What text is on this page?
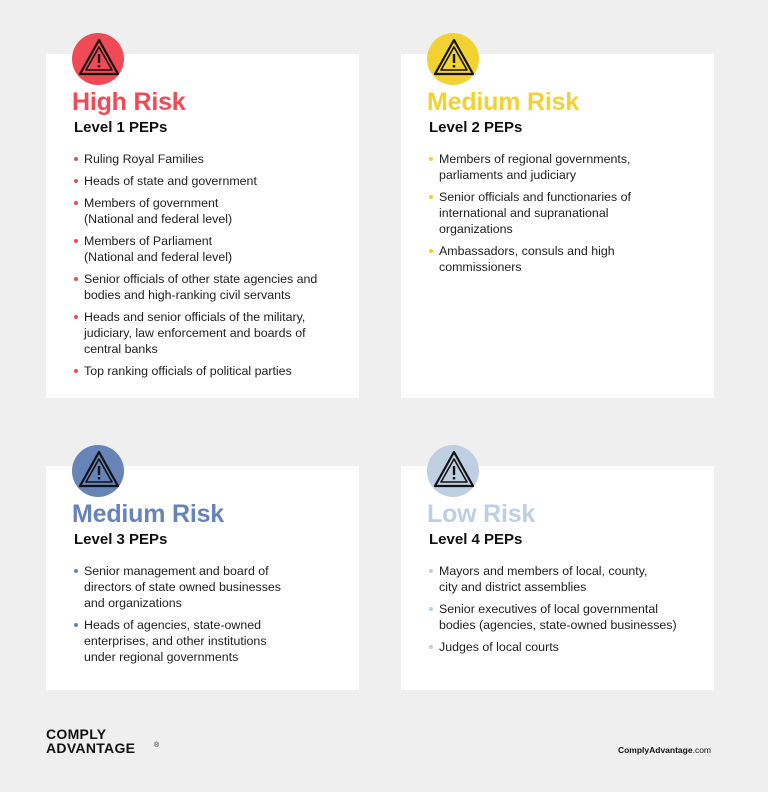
High Risk
Level 1 PEPs
Ruling Royal Families
Heads of state and government
Members of government
(National and federal level)
Members of Parliament
(National and federal level)
Senior officials of other state agencies and
bodies and high-ranking civil servants
Heads and senior officials of the military,
judiciary, law enforcement and boards of
central banks
Top ranking officials of political parties
Medium Risk
Level 2 PEPs
Members of regional governments,
parliaments and judiciary
Senior officials and functionaries of
international and supranational
organizations
Ambassadors, consuls and high
commissioners
Medium Risk
Level 3 PEPs
Senior management and board of
directors of state owned businesses
and organizations
Heads of agencies, state-owned
enterprises, and other institutions
under regional governments
Low Risk
Level 4 PEPs
Mayors and members of local, county,
city and district assemblies
Senior executives of local governmental
bodies (agencies, state-owned businesses)
Judges of local courts
COMPLY
ADVANTAGE	®	ComplyAdvantage.com
